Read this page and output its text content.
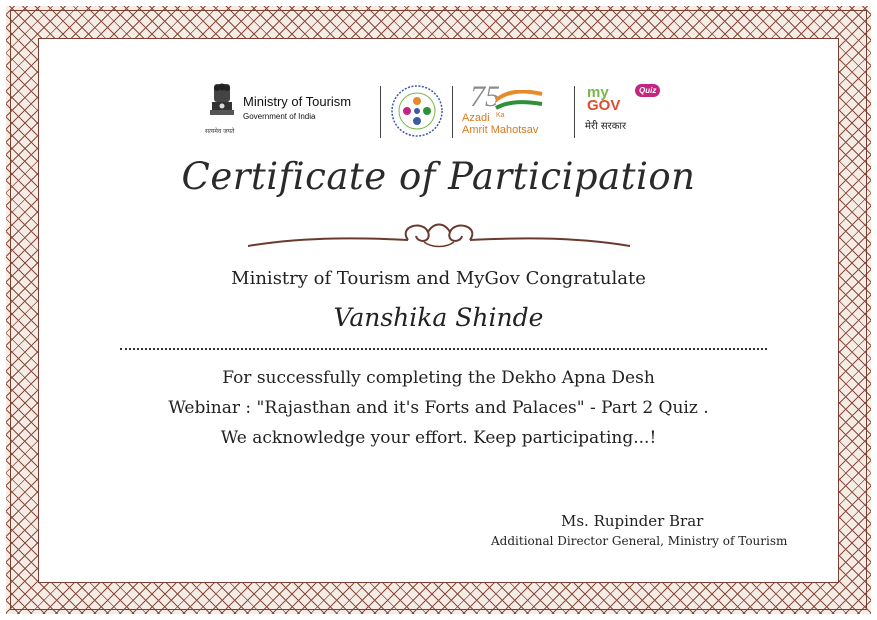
सत्यमेव जयते
Ministry of Tourism
Government of India
75
Azadi Ka
Amrit Mahotsav
my
GOV
Quiz
मेरी सरकार
Certificate of Participation
Ministry of Tourism and MyGov Congratulate
Vanshika Shinde
For successfully completing the Dekho Apna Desh
Webinar : "Rajasthan and it's Forts and Palaces" - Part 2 Quiz .
We acknowledge your effort. Keep participating...!
Ms. Rupinder Brar
Additional Director General, Ministry of Tourism
